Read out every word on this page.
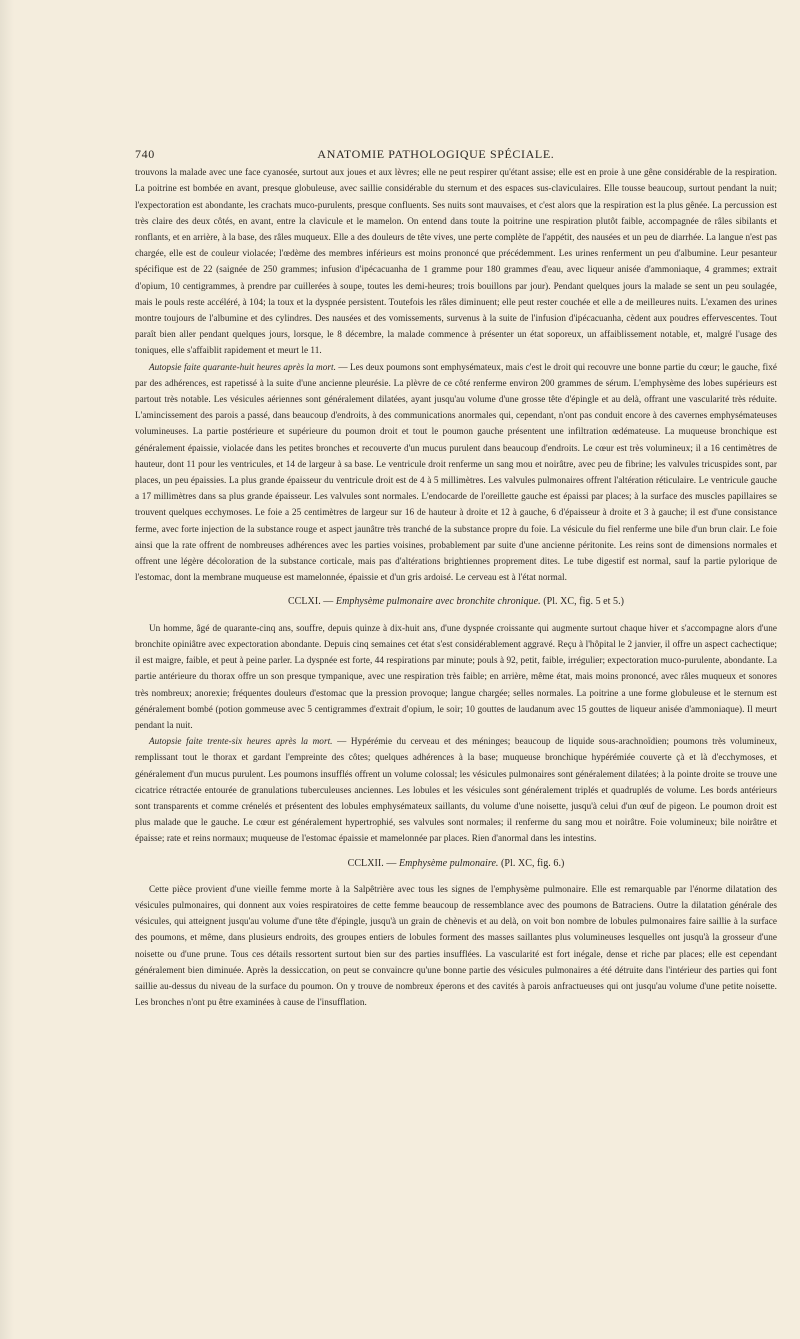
740	ANATOMIE PATHOLOGIQUE SPÉCIALE.

trouvons la malade avec une face cyanosée, surtout aux joues et aux lèvres; elle ne peut respirer qu'étant assise; elle est en proie à une gêne considérable de la respiration. La poitrine est bombée en avant, presque globuleuse, avec saillie considérable du sternum et des espaces sus-claviculaires. Elle tousse beaucoup, surtout pendant la nuit; l'expectoration est abondante, les crachats muco-purulents, presque confluents. Ses nuits sont mauvaises, et c'est alors que la respiration est la plus gênée. La percussion est très claire des deux côtés, en avant, entre la clavicule et le mamelon. On entend dans toute la poitrine une respiration plutôt faible, accompagnée de râles sibilants et ronflants, et en arrière, à la base, des râles muqueux. Elle a des douleurs de tête vives, une perte complète de l'appétit, des nausées et un peu de diarrhée. La langue n'est pas chargée, elle est de couleur violacée; l'œdème des membres inférieurs est moins prononcé que précédemment. Les urines renferment un peu d'albumine. Leur pesanteur spécifique est de 22 (saignée de 250 grammes; infusion d'ipécacuanha de 1 gramme pour 180 grammes d'eau, avec liqueur anisée d'ammoniaque, 4 grammes; extrait d'opium, 10 centigrammes, à prendre par cuillerées à soupe, toutes les demi-heures; trois bouillons par jour). Pendant quelques jours la malade se sent un peu soulagée, mais le pouls reste accéléré, à 104; la toux et la dyspnée persistent. Toutefois les râles diminuent; elle peut rester couchée et elle a de meilleures nuits. L'examen des urines montre toujours de l'albumine et des cylindres. Des nausées et des vomissements, survenus à la suite de l'infusion d'ipécacuanha, cèdent aux poudres effervescentes. Tout paraît bien aller pendant quelques jours, lorsque, le 8 décembre, la malade commence à présenter un état soporeux, un affaiblissement notable, et, malgré l'usage des toniques, elle s'affaiblit rapidement et meurt le 11.

Autopsie faite quarante-huit heures après la mort. — Les deux poumons sont emphysémateux, mais c'est le droit qui recouvre une bonne partie du cœur; le gauche, fixé par des adhérences, est rapetissé à la suite d'une ancienne pleurésie. La plèvre de ce côté renferme environ 200 grammes de sérum. L'emphysème des lobes supérieurs est partout très notable. Les vésicules aériennes sont généralement dilatées, ayant jusqu'au volume d'une grosse tête d'épingle et au delà, offrant une vascularité très réduite. L'amincissement des parois a passé, dans beaucoup d'endroits, à des communications anormales qui, cependant, n'ont pas conduit encore à des cavernes emphysémateuses volumineuses. La partie postérieure et supérieure du poumon droit et tout le poumon gauche présentent une infiltration œdémateuse. La muqueuse bronchique est généralement épaissie, violacée dans les petites bronches et recouverte d'un mucus purulent dans beaucoup d'endroits. Le cœur est très volumineux; il a 16 centimètres de hauteur, dont 11 pour les ventricules, et 14 de largeur à sa base. Le ventricule droit renferme un sang mou et noirâtre, avec peu de fibrine; les valvules tricuspides sont, par places, un peu épaissies. La plus grande épaisseur du ventricule droit est de 4 à 5 millimètres. Les valvules pulmonaires offrent l'altération réticulaire. Le ventricule gauche a 17 millimètres dans sa plus grande épaisseur. Les valvules sont normales. L'endocarde de l'oreillette gauche est épaissi par places; à la surface des muscles papillaires se trouvent quelques ecchymoses. Le foie a 25 centimètres de largeur sur 16 de hauteur à droite et 12 à gauche, 6 d'épaisseur à droite et 3 à gauche; il est d'une consistance ferme, avec forte injection de la substance rouge et aspect jaunâtre très tranché de la substance propre du foie. La vésicule du fiel renferme une bile d'un brun clair. Le foie ainsi que la rate offrent de nombreuses adhérences avec les parties voisines, probablement par suite d'une ancienne péritonite. Les reins sont de dimensions normales et offrent une légère décoloration de la substance corticale, mais pas d'altérations brightiennes proprement dites. Le tube digestif est normal, sauf la partie pylorique de l'estomac, dont la membrane muqueuse est mamelonnée, épaissie et d'un gris ardoisé. Le cerveau est à l'état normal.

CCLXI. — Emphysème pulmonaire avec bronchite chronique. (Pl. XC, fig. 5 et 5.)

Un homme, âgé de quarante-cinq ans, souffre, depuis quinze à dix-huit ans, d'une dyspnée croissante qui augmente surtout chaque hiver et s'accompagne alors d'une bronchite opiniâtre avec expectoration abondante. Depuis cinq semaines cet état s'est considérablement aggravé. Reçu à l'hôpital le 2 janvier, il offre un aspect cachectique; il est maigre, faible, et peut à peine parler. La dyspnée est forte, 44 respirations par minute; pouls à 92, petit, faible, irrégulier; expectoration muco-purulente, abondante. La partie antérieure du thorax offre un son presque tympanique, avec une respiration très faible; en arrière, même état, mais moins prononcé, avec râles muqueux et sonores très nombreux; anorexie; fréquentes douleurs d'estomac que la pression provoque; langue chargée; selles normales. La poitrine a une forme globuleuse et le sternum est généralement bombé (potion gommeuse avec 5 centigrammes d'extrait d'opium, le soir; 10 gouttes de laudanum avec 15 gouttes de liqueur anisée d'ammoniaque). Il meurt pendant la nuit.

Autopsie faite trente-six heures après la mort. — Hypérémie du cerveau et des méninges; beaucoup de liquide sous-arachnoïdien; poumons très volumineux, remplissant tout le thorax et gardant l'empreinte des côtes; quelques adhérences à la base; muqueuse bronchique hypérémiée couverte çà et là d'ecchymoses, et généralement d'un mucus purulent. Les poumons insufflés offrent un volume colossal; les vésicules pulmonaires sont généralement dilatées; à la pointe droite se trouve une cicatrice rétractée entourée de granulations tuberculeuses anciennes. Les lobules et les vésicules sont généralement triplés et quadruplés de volume. Les bords antérieurs sont transparents et comme crénelés et présentent des lobules emphysémateux saillants, du volume d'une noisette, jusqu'à celui d'un œuf de pigeon. Le poumon droit est plus malade que le gauche. Le cœur est généralement hypertrophié, ses valvules sont normales; il renferme du sang mou et noirâtre. Foie volumineux; bile noirâtre et épaisse; rate et reins normaux; muqueuse de l'estomac épaissie et mamelonnée par places. Rien d'anormal dans les intestins.

CCLXII. — Emphysème pulmonaire. (Pl. XC, fig. 6.)

Cette pièce provient d'une vieille femme morte à la Salpêtrière avec tous les signes de l'emphysème pulmonaire. Elle est remarquable par l'énorme dilatation des vésicules pulmonaires, qui donnent aux voies respiratoires de cette femme beaucoup de ressemblance avec des poumons de Batraciens. Outre la dilatation générale des vésicules, qui atteignent jusqu'au volume d'une tête d'épingle, jusqu'à un grain de chènevis et au delà, on voit bon nombre de lobules pulmonaires faire saillie à la surface des poumons, et même, dans plusieurs endroits, des groupes entiers de lobules forment des masses saillantes plus volumineuses lesquelles ont jusqu'à la grosseur d'une noisette ou d'une prune. Tous ces détails ressortent surtout bien sur des parties insufflées. La vascularité est fort inégale, dense et riche par places; elle est cependant généralement bien diminuée. Après la dessiccation, on peut se convaincre qu'une bonne partie des vésicules pulmonaires a été détruite dans l'intérieur des parties qui font saillie au-dessus du niveau de la surface du poumon. On y trouve de nombreux éperons et des cavités à parois anfractueuses qui ont jusqu'au volume d'une petite noisette. Les bronches n'ont pu être examinées à cause de l'insufflation.
